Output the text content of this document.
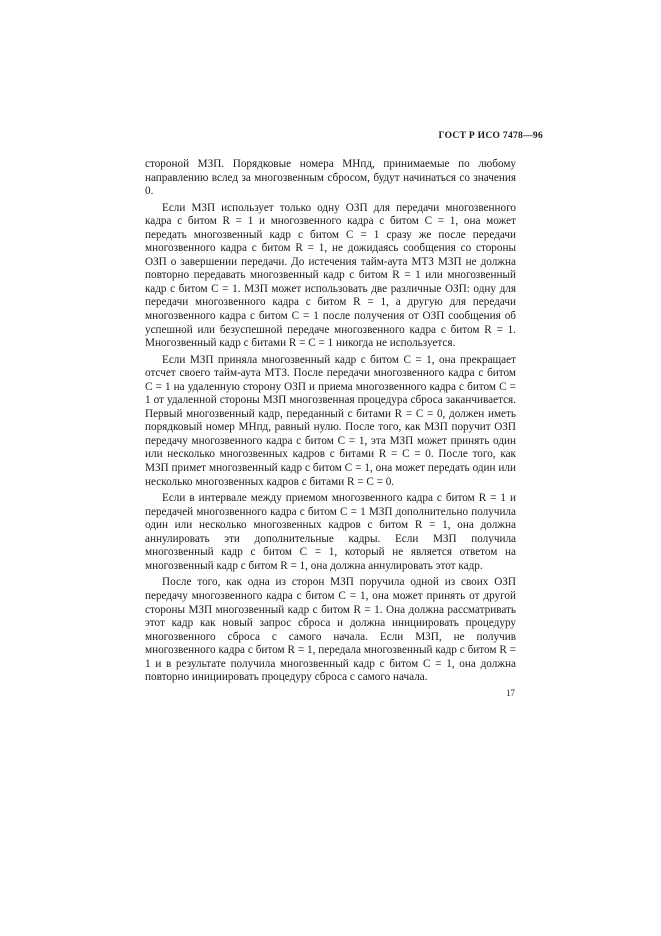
ГОСТ Р ИСО 7478—96

стороной МЗП. Порядковые номера МНпд, принимаемые по любому направлению вслед за многозвенным сбросом, будут начинаться со значения 0.

Если МЗП использует только одну ОЗП для передачи многозвенного кадра с битом R = 1 и многозвенного кадра с битом C = 1, она может передать многозвенный кадр с битом C = 1 сразу же после передачи многозвенного кадра с битом R = 1, не дожидаясь сообщения со стороны ОЗП о завершении передачи. До истечения тайм-аута МТЗ МЗП не должна повторно передавать многозвенный кадр с битом R = 1 или многозвенный кадр с битом C = 1. МЗП может использовать две различные ОЗП: одну для передачи многозвенного кадра с битом R = 1, а другую для передачи многозвенного кадра с битом C = 1 после получения от ОЗП сообщения об успешной или безуспешной передаче многозвенного кадра с битом R = 1. Многозвенный кадр с битами R = C = 1 никогда не используется.

Если МЗП приняла многозвенный кадр с битом C = 1, она прекращает отсчет своего тайм-аута МТЗ. После передачи многозвенного кадра с битом C = 1 на удаленную сторону ОЗП и приема многозвенного кадра с битом C = 1 от удаленной стороны МЗП многозвенная процедура сброса заканчивается. Первый многозвенный кадр, переданный с битами R = C = 0, должен иметь порядковый номер МНпд, равный нулю. После того, как МЗП поручит ОЗП передачу многозвенного кадра с битом C = 1, эта МЗП может принять один или несколько многозвенных кадров с битами R = C = 0. После того, как МЗП примет многозвенный кадр с битом C = 1, она может передать один или несколько многозвенных кадров с битами R = C = 0.

Если в интервале между приемом многозвенного кадра с битом R = 1 и передачей многозвенного кадра с битом C = 1 МЗП дополнительно получила один или несколько многозвенных кадров с битом R = 1, она должна аннулировать эти дополнительные кадры. Если МЗП получила многозвенный кадр с битом C = 1, который не является ответом на многозвенный кадр с битом R = 1, она должна аннулировать этот кадр.

После того, как одна из сторон МЗП поручила одной из своих ОЗП передачу многозвенного кадра с битом C = 1, она может принять от другой стороны МЗП многозвенный кадр с битом R = 1. Она должна рассматривать этот кадр как новый запрос сброса и должна инициировать процедуру многозвенного сброса с самого начала. Если МЗП, не получив многозвенного кадра с битом R = 1, передала многозвенный кадр с битом R = 1 и в результате получила многозвенный кадр с битом C = 1, она должна повторно инициировать процедуру сброса с самого начала.

17
